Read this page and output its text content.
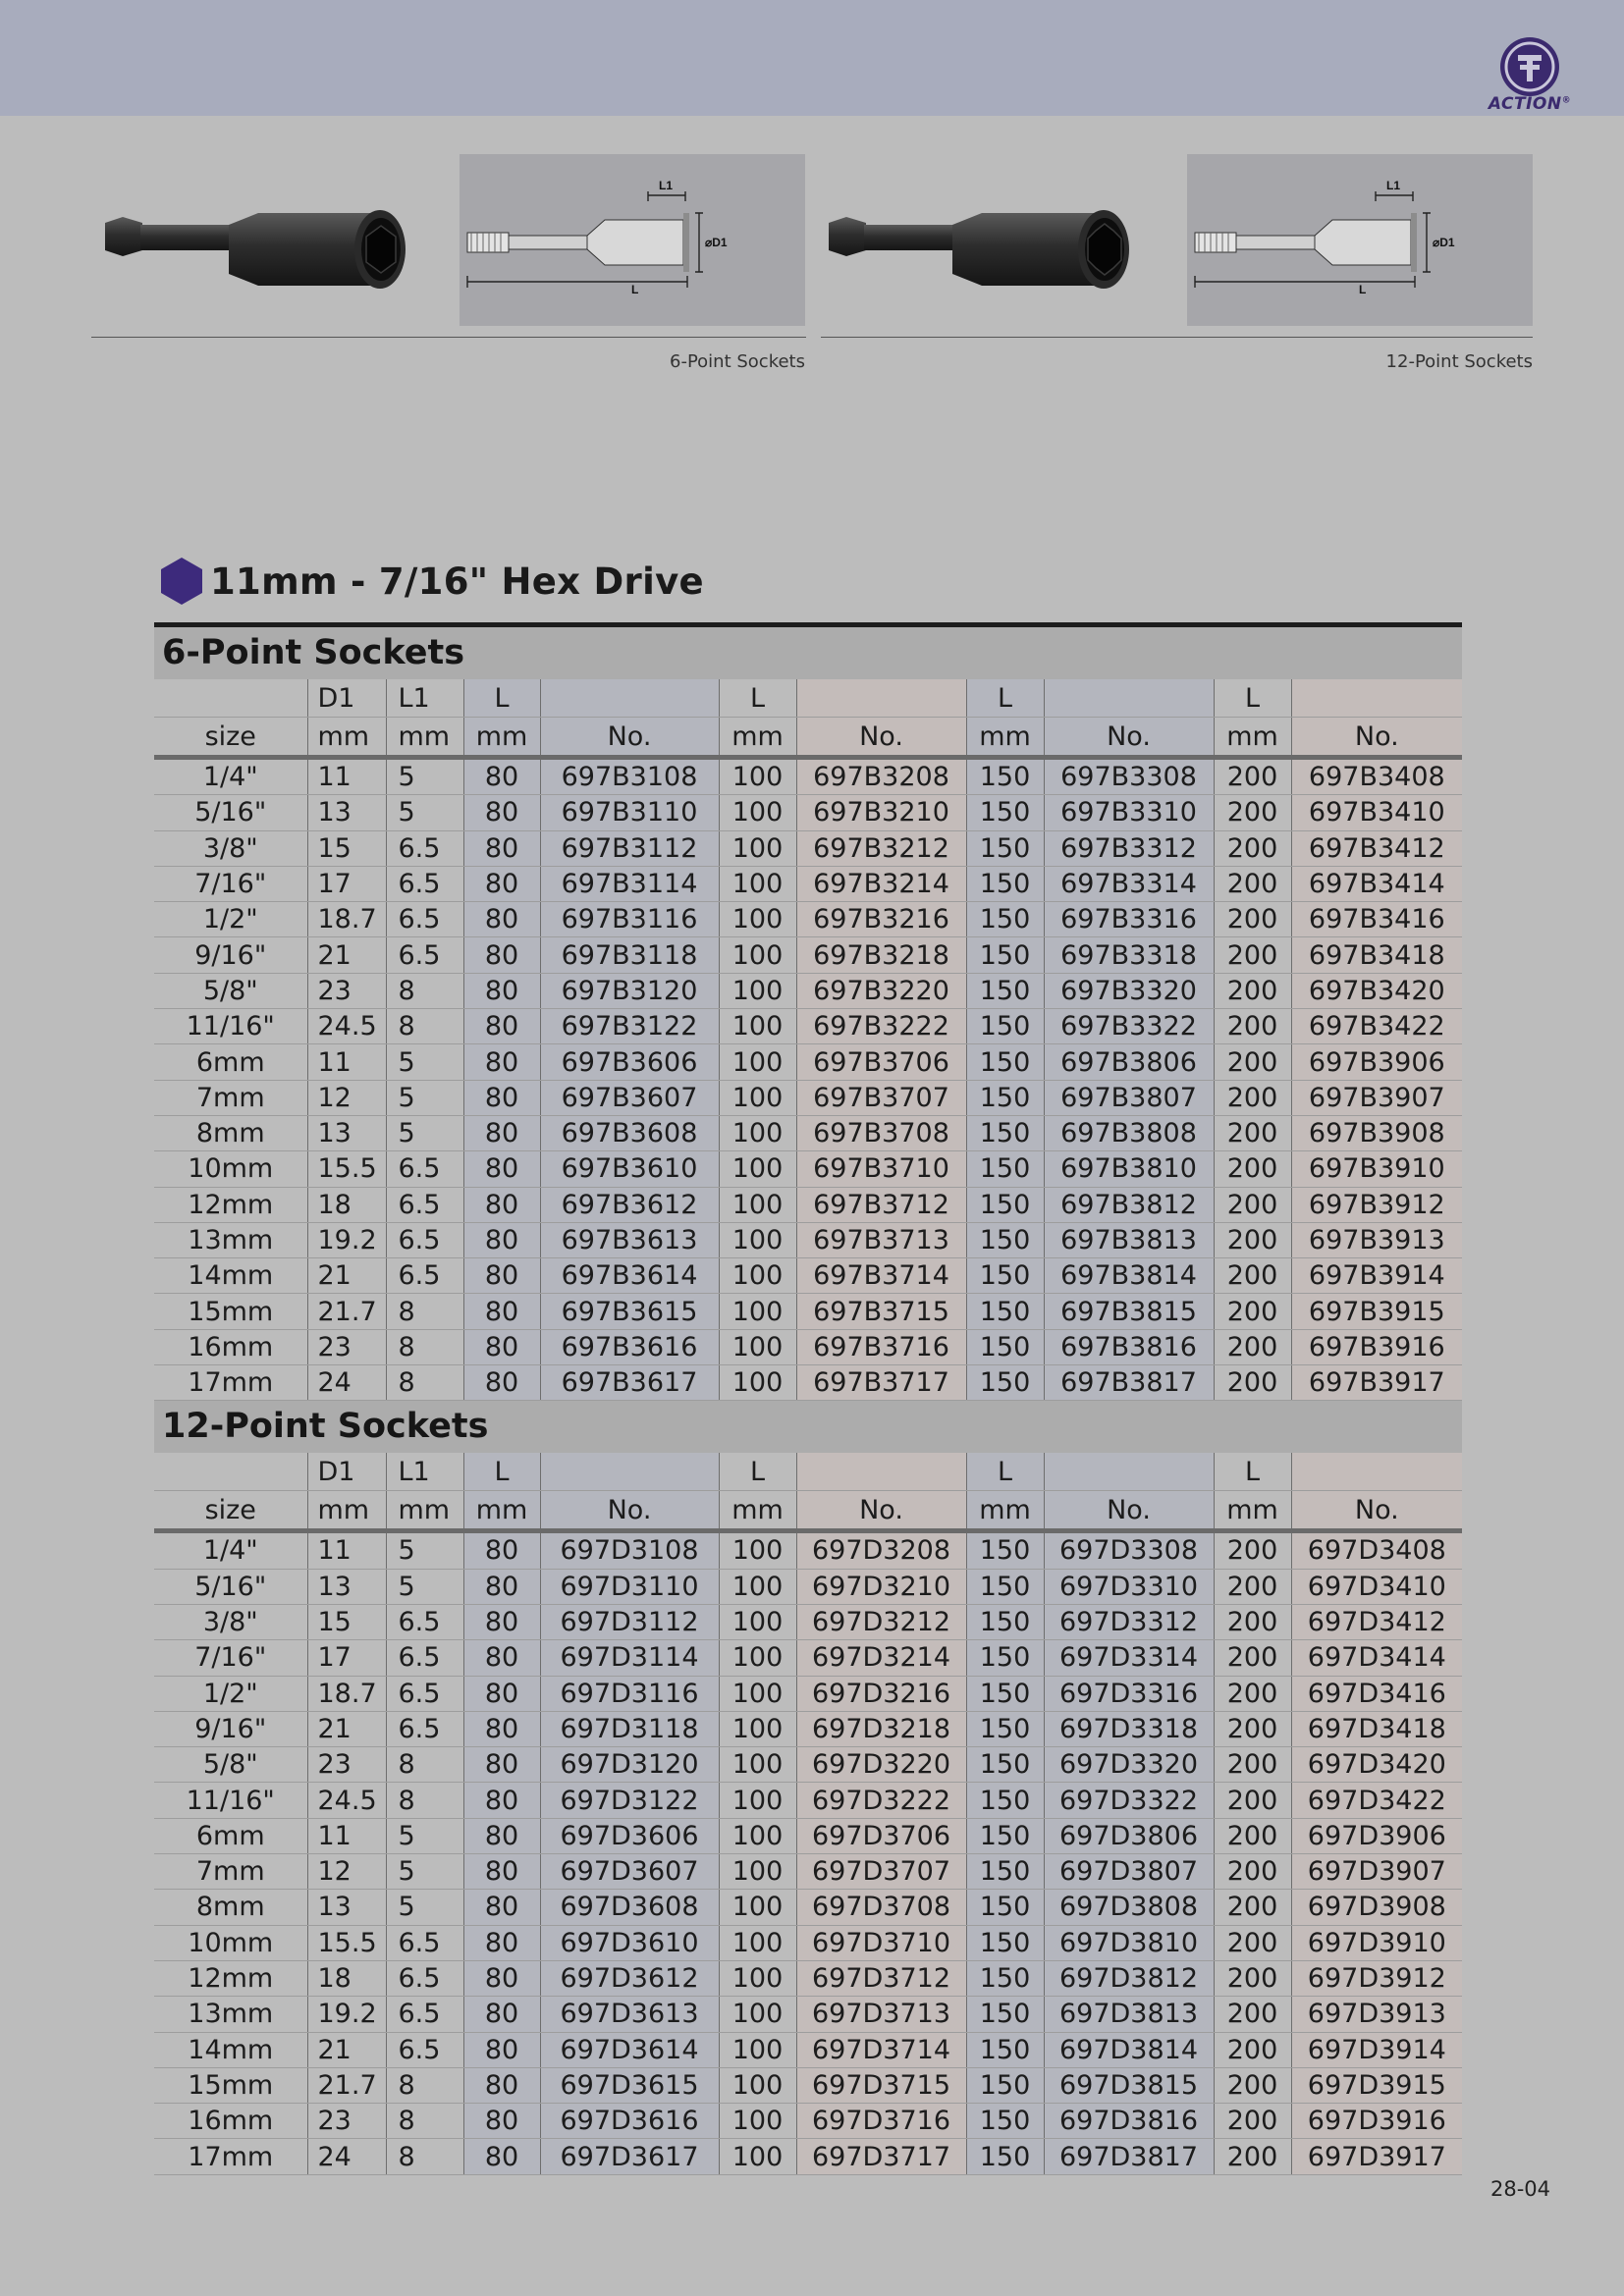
ACTION®
L1
⌀D1
L
6-Point Sockets
L1
⌀D1
L
12-Point Sockets
11mm - 7/16" Hex Drive
6-Point Sockets										
	D1	L1	L		L		L		L	
size	mm	mm	mm	No.	mm	No.	mm	No.	mm	No.
1/4"	11	5	80	697B3108	100	697B3208	150	697B3308	200	697B3408
5/16"	13	5	80	697B3110	100	697B3210	150	697B3310	200	697B3410
3/8"	15	6.5	80	697B3112	100	697B3212	150	697B3312	200	697B3412
7/16"	17	6.5	80	697B3114	100	697B3214	150	697B3314	200	697B3414
1/2"	18.7	6.5	80	697B3116	100	697B3216	150	697B3316	200	697B3416
9/16"	21	6.5	80	697B3118	100	697B3218	150	697B3318	200	697B3418
5/8"	23	8	80	697B3120	100	697B3220	150	697B3320	200	697B3420
11/16"	24.5	8	80	697B3122	100	697B3222	150	697B3322	200	697B3422
6mm	11	5	80	697B3606	100	697B3706	150	697B3806	200	697B3906
7mm	12	5	80	697B3607	100	697B3707	150	697B3807	200	697B3907
8mm	13	5	80	697B3608	100	697B3708	150	697B3808	200	697B3908
10mm	15.5	6.5	80	697B3610	100	697B3710	150	697B3810	200	697B3910
12mm	18	6.5	80	697B3612	100	697B3712	150	697B3812	200	697B3912
13mm	19.2	6.5	80	697B3613	100	697B3713	150	697B3813	200	697B3913
14mm	21	6.5	80	697B3614	100	697B3714	150	697B3814	200	697B3914
15mm	21.7	8	80	697B3615	100	697B3715	150	697B3815	200	697B3915
16mm	23	8	80	697B3616	100	697B3716	150	697B3816	200	697B3916
17mm	24	8	80	697B3617	100	697B3717	150	697B3817	200	697B3917
12-Point Sockets										
	D1	L1	L		L		L		L	
size	mm	mm	mm	No.	mm	No.	mm	No.	mm	No.
1/4"	11	5	80	697D3108	100	697D3208	150	697D3308	200	697D3408
5/16"	13	5	80	697D3110	100	697D3210	150	697D3310	200	697D3410
3/8"	15	6.5	80	697D3112	100	697D3212	150	697D3312	200	697D3412
7/16"	17	6.5	80	697D3114	100	697D3214	150	697D3314	200	697D3414
1/2"	18.7	6.5	80	697D3116	100	697D3216	150	697D3316	200	697D3416
9/16"	21	6.5	80	697D3118	100	697D3218	150	697D3318	200	697D3418
5/8"	23	8	80	697D3120	100	697D3220	150	697D3320	200	697D3420
11/16"	24.5	8	80	697D3122	100	697D3222	150	697D3322	200	697D3422
6mm	11	5	80	697D3606	100	697D3706	150	697D3806	200	697D3906
7mm	12	5	80	697D3607	100	697D3707	150	697D3807	200	697D3907
8mm	13	5	80	697D3608	100	697D3708	150	697D3808	200	697D3908
10mm	15.5	6.5	80	697D3610	100	697D3710	150	697D3810	200	697D3910
12mm	18	6.5	80	697D3612	100	697D3712	150	697D3812	200	697D3912
13mm	19.2	6.5	80	697D3613	100	697D3713	150	697D3813	200	697D3913
14mm	21	6.5	80	697D3614	100	697D3714	150	697D3814	200	697D3914
15mm	21.7	8	80	697D3615	100	697D3715	150	697D3815	200	697D3915
16mm	23	8	80	697D3616	100	697D3716	150	697D3816	200	697D3916
17mm	24	8	80	697D3617	100	697D3717	150	697D3817	200	697D3917
28-04
